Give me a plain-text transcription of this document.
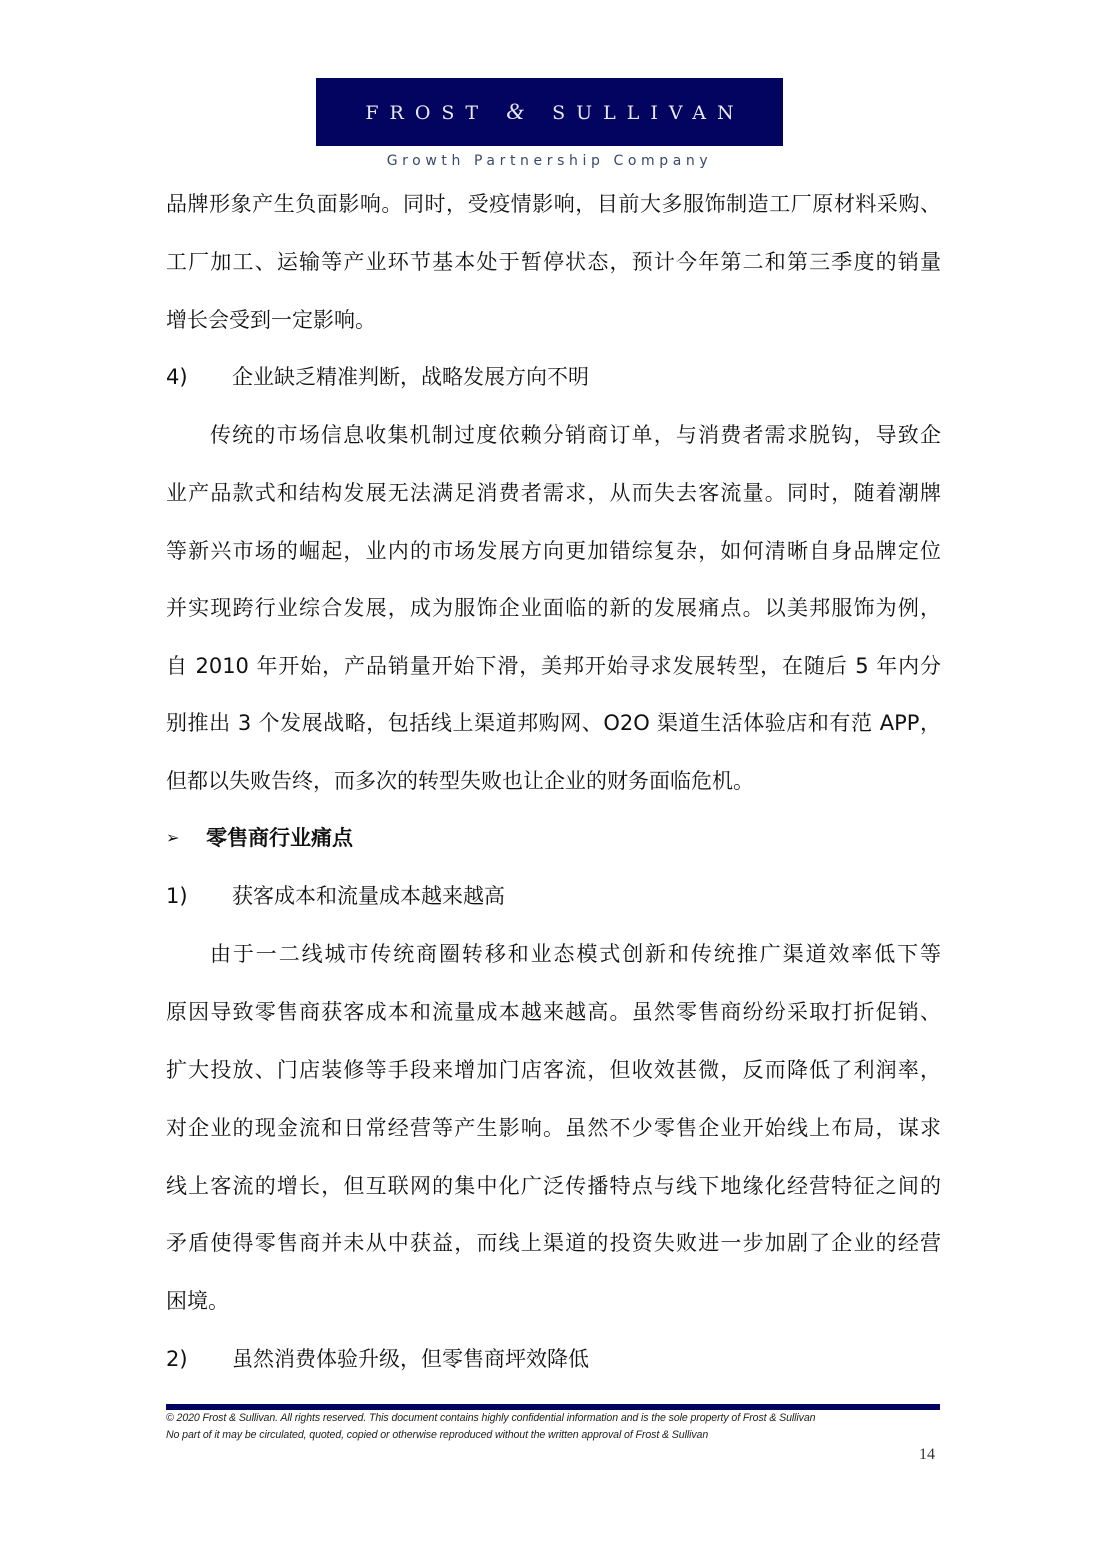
FROST & SULLIVAN
Growth Partnership Company
品牌形象产生负面影响。同时，受疫情影响，目前大多服饰制造工厂原材料采购、
工厂加工、运输等产业环节基本处于暂停状态，预计今年第二和第三季度的销量
增长会受到一定影响。
4) 企业缺乏精准判断，战略发展方向不明
传统的市场信息收集机制过度依赖分销商订单，与消费者需求脱钩，导致企
业产品款式和结构发展无法满足消费者需求，从而失去客流量。同时，随着潮牌
等新兴市场的崛起，业内的市场发展方向更加错综复杂，如何清晰自身品牌定位
并实现跨行业综合发展，成为服饰企业面临的新的发展痛点。以美邦服饰为例，
自 2010 年开始，产品销量开始下滑，美邦开始寻求发展转型，在随后 5 年内分
别推出 3 个发展战略，包括线上渠道邦购网、O2O 渠道生活体验店和有范 APP，
但都以失败告终，而多次的转型失败也让企业的财务面临危机。
➢ 零售商行业痛点
1) 获客成本和流量成本越来越高
由于一二线城市传统商圈转移和业态模式创新和传统推广渠道效率低下等
原因导致零售商获客成本和流量成本越来越高。虽然零售商纷纷采取打折促销、
扩大投放、门店装修等手段来增加门店客流，但收效甚微，反而降低了利润率，
对企业的现金流和日常经营等产生影响。虽然不少零售企业开始线上布局，谋求
线上客流的增长，但互联网的集中化广泛传播特点与线下地缘化经营特征之间的
矛盾使得零售商并未从中获益，而线上渠道的投资失败进一步加剧了企业的经营
困境。
2) 虽然消费体验升级，但零售商坪效降低
© 2020 Frost & Sullivan. All rights reserved. This document contains highly confidential information and is the sole property of Frost & Sullivan
No part of it may be circulated, quoted, copied or otherwise reproduced without the written approval of Frost & Sullivan
14
